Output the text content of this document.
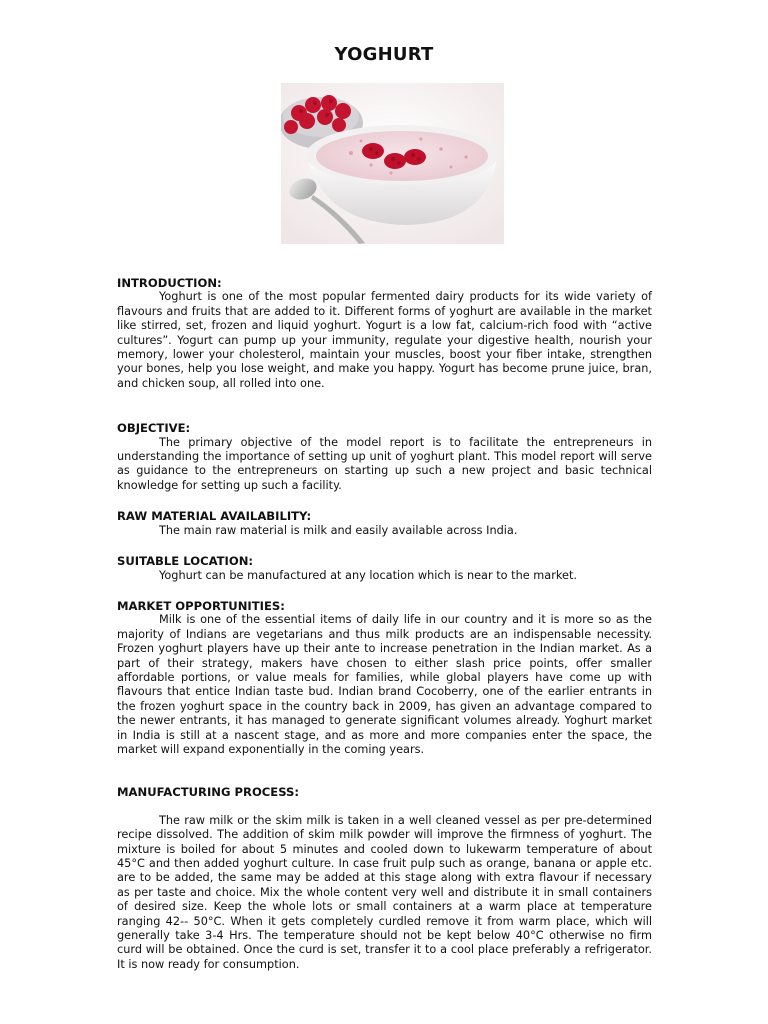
YOGHURT

INTRODUCTION:

Yoghurt is one of the most popular fermented dairy products for its wide variety of flavours and fruits that are added to it. Different forms of yoghurt are available in the market like stirred, set, frozen and liquid yoghurt. Yogurt is a low fat, calcium-rich food with “active cultures”. Yogurt can pump up your immunity, regulate your digestive health, nourish your memory, lower your cholesterol, maintain your muscles, boost your fiber intake, strengthen your bones, help you lose weight, and make you happy. Yogurt has become prune juice, bran, and chicken soup, all rolled into one.

OBJECTIVE:

The primary objective of the model report is to facilitate the entrepreneurs in understanding the importance of setting up unit of yoghurt plant. This model report will serve as guidance to the entrepreneurs on starting up such a new project and basic technical knowledge for setting up such a facility.

RAW MATERIAL AVAILABILITY:

The main raw material is milk and easily available across India.

SUITABLE LOCATION:

Yoghurt can be manufactured at any location which is near to the market.

MARKET OPPORTUNITIES:

Milk is one of the essential items of daily life in our country and it is more so as the majority of Indians are vegetarians and thus milk products are an indispensable necessity. Frozen yoghurt players have up their ante to increase penetration in the Indian market. As a part of their strategy, makers have chosen to either slash price points, offer smaller affordable portions, or value meals for families, while global players have come up with flavours that entice Indian taste bud. Indian brand Cocoberry, one of the earlier entrants in the frozen yoghurt space in the country back in 2009, has given an advantage compared to the newer entrants, it has managed to generate significant volumes already. Yoghurt market in India is still at a nascent stage, and as more and more companies enter the space, the market will expand exponentially in the coming years.

MANUFACTURING PROCESS:

The raw milk or the skim milk is taken in a well cleaned vessel as per pre-determined recipe dissolved. The addition of skim milk powder will improve the firmness of yoghurt. The mixture is boiled for about 5 minutes and cooled down to lukewarm temperature of about 45°C and then added yoghurt culture. In case fruit pulp such as orange, banana or apple etc. are to be added, the same may be added at this stage along with extra flavour if necessary as per taste and choice. Mix the whole content very well and distribute it in small containers of desired size. Keep the whole lots or small containers at a warm place at temperature ranging 42-- 50°C. When it gets completely curdled remove it from warm place, which will generally take 3-4 Hrs. The temperature should not be kept below 40°C otherwise no firm curd will be obtained. Once the curd is set, transfer it to a cool place preferably a refrigerator. It is now ready for consumption.
